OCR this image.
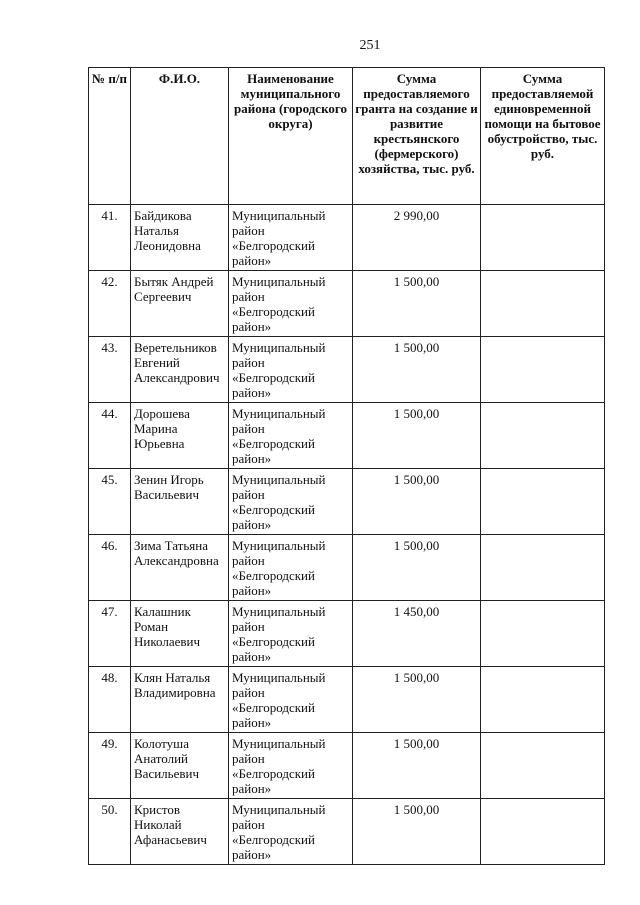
251
№ п/п	Ф.И.О.	Наименование муниципального района (городского округа)	Сумма предоставляемого гранта на создание и развитие крестьянского (фермерского) хозяйства, тыс. руб.	Сумма предоставляемой единовременной помощи на бытовое обустройство, тыс. руб.
41.	Байдикова Наталья Леонидовна	Муниципальный район «Белгородский район»	2 990,00	
42.	Бытяк Андрей Сергеевич	Муниципальный район «Белгородский район»	1 500,00	
43.	Веретельников Евгений Александрович	Муниципальный район «Белгородский район»	1 500,00	
44.	Дорошева Марина Юрьевна	Муниципальный район «Белгородский район»	1 500,00	
45.	Зенин Игорь Васильевич	Муниципальный район «Белгородский район»	1 500,00	
46.	Зима Татьяна Александровна	Муниципальный район «Белгородский район»	1 500,00	
47.	Калашник Роман Николаевич	Муниципальный район «Белгородский район»	1 450,00	
48.	Клян Наталья Владимировна	Муниципальный район «Белгородский район»	1 500,00	
49.	Колотуша Анатолий Васильевич	Муниципальный район «Белгородский район»	1 500,00	
50.	Кристов Николай Афанасьевич	Муниципальный район «Белгородский район»	1 500,00	
